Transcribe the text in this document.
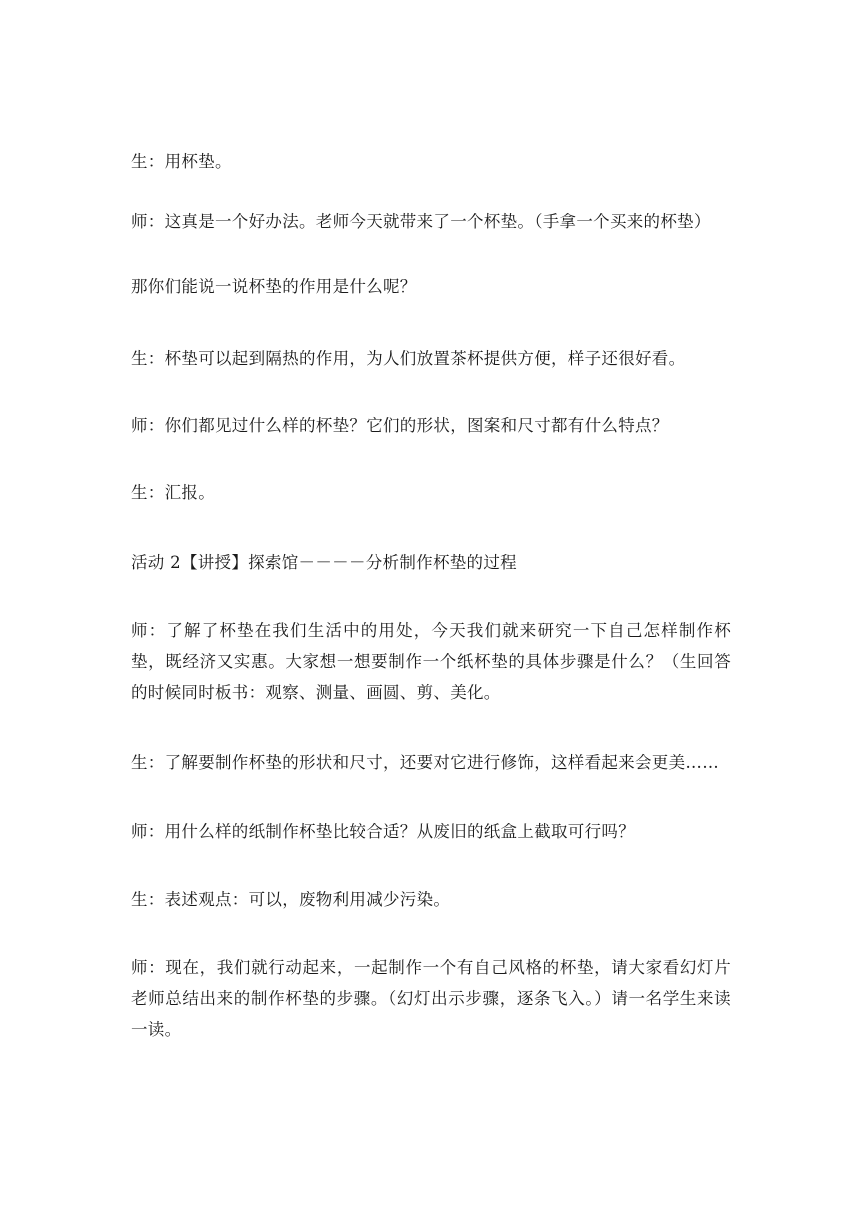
生：用杯垫。

师：这真是一个好办法。老师今天就带来了一个杯垫。（手拿一个买来的杯垫）

那你们能说一说杯垫的作用是什么呢？

生：杯垫可以起到隔热的作用，为人们放置茶杯提供方便，样子还很好看。

师：你们都见过什么样的杯垫？它们的形状，图案和尺寸都有什么特点？

生：汇报。

活动 2【讲授】探索馆－－－－分析制作杯垫的过程

师：了解了杯垫在我们生活中的用处，今天我们就来研究一下自己怎样制作杯垫，既经济又实惠。大家想一想要制作一个纸杯垫的具体步骤是什么？（生回答的时候同时板书：观察、测量、画圆、剪、美化。

生：了解要制作杯垫的形状和尺寸，还要对它进行修饰，这样看起来会更美……

师：用什么样的纸制作杯垫比较合适？从废旧的纸盒上截取可行吗？

生：表述观点：可以，废物利用减少污染。

师：现在，我们就行动起来，一起制作一个有自己风格的杯垫，请大家看幻灯片老师总结出来的制作杯垫的步骤。（幻灯出示步骤，逐条飞入。）请一名学生来读一读。
